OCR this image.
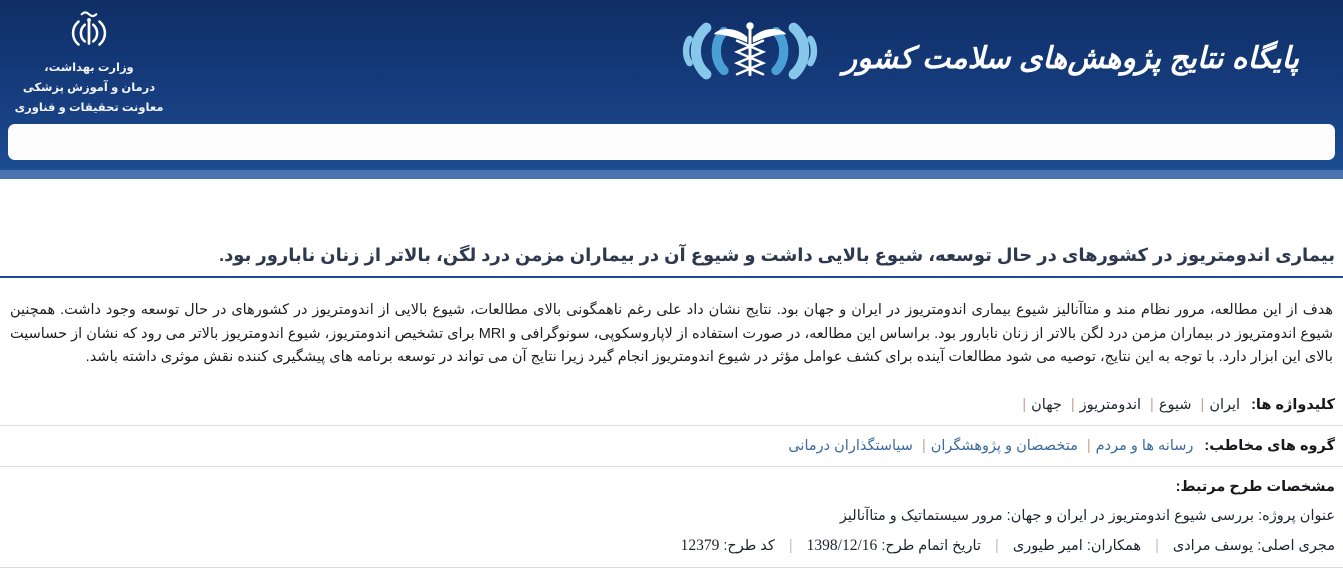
پایگاه نتایج پژوهش‌های سلامت کشور
وزارت بهداشت،
درمان و آموزش پزشکی
معاونت تحقیقات و فناوری
بیماری اندومتریوز در کشورهای در حال توسعه، شیوع بالایی داشت و شیوع آن در بیماران مزمن درد لگن، بالاتر از زنان نابارور بود.

هدف از این مطالعه، مرور نظام مند و متاآنالیز شیوع بیماری اندومتریوز در ایران و جهان بود. نتایج نشان داد علی رغم ناهمگونی بالای مطالعات، شیوع بالایی از اندومتریوز در کشورهای در حال توسعه وجود داشت. همچنین شیوع اندومتریوز در بیماران مزمن درد لگن بالاتر از زنان نابارور بود. براساس این مطالعه، در صورت استفاده از لاپاروسکوپی، سونوگرافی و MRI برای تشخیص اندومتریوز، شیوع اندومتریوز بالاتر می رود که نشان از حساسیت بالای این ابزار دارد. با توجه به این نتایج، توصیه می شود مطالعات آینده برای کشف عوامل مؤثر در شیوع اندومتریوز انجام گیرد زیرا نتایج آن می تواند در توسعه برنامه های پیشگیری کننده نقش موثری داشته باشد.

کلیدواژه ها: ایران| شیوع| اندومتریوز| جهان|
گروه های مخاطب: رسانه ها و مردم| متخصصان و پژوهشگران| سیاستگذاران درمانی
مشخصات طرح مرتبط:
عنوان پروژه: بررسی شیوع اندومتریوز در ایران و جهان: مرور سیستماتیک و متاآنالیز
مجری اصلی: یوسف مرادی | همکاران: امیر طیوری | تاریخ اتمام طرح: 1398/12/16 | کد طرح: 12379
